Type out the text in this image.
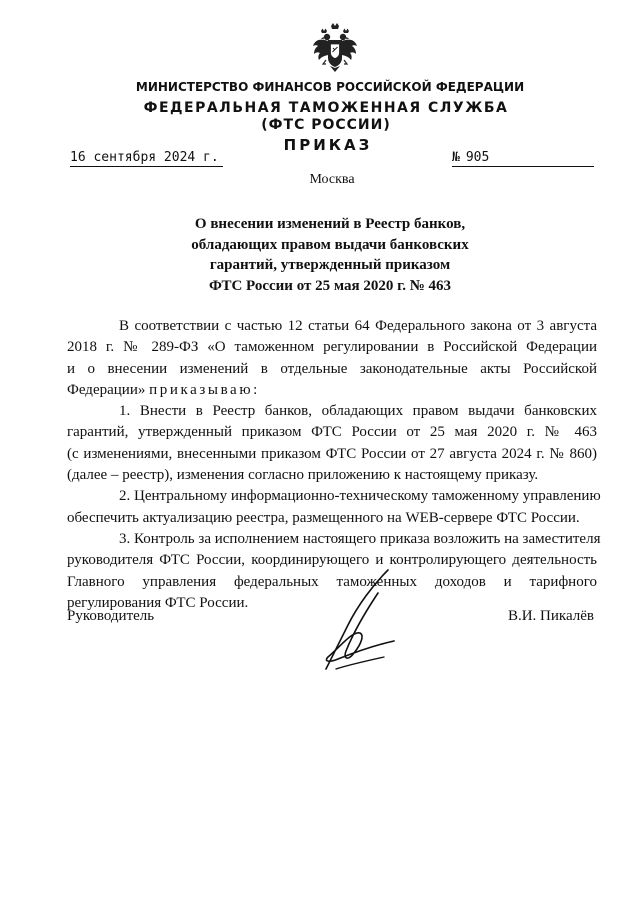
МИНИСТЕРСТВО ФИНАНСОВ РОССИЙСКОЙ ФЕДЕРАЦИИ
ФЕДЕРАЛЬНАЯ ТАМОЖЕННАЯ СЛУЖБА
(ФТС РОССИИ)
ПРИКАЗ
16 сентября 2024 г.	№ 905
Москва
О внесении изменений в Реестр банков,
обладающих правом выдачи банковских
гарантий, утвержденный приказом
ФТС России от 25 мая 2020 г. № 463
В соответствии с частью 12 статьи 64 Федерального закона от 3 августа
2018 г. № 289-ФЗ «О таможенном регулировании в Российской Федерации
и о внесении изменений в отдельные законодательные акты Российской
Федерации» приказываю:
1. Внести в Реестр банков, обладающих правом выдачи банковских
гарантий, утвержденный приказом ФТС России от 25 мая 2020 г. № 463
(с изменениями, внесенными приказом ФТС России от 27 августа 2024 г. № 860)
(далее – реестр), изменения согласно приложению к настоящему приказу.
2. Центральному информационно-техническому таможенному управлению
обеспечить актуализацию реестра, размещенного на WEB-сервере ФТС России.
3. Контроль за исполнением настоящего приказа возложить на заместителя
руководителя ФТС России, координирующего и контролирующего деятельность
Главного управления федеральных таможенных доходов и тарифного
регулирования ФТС России.
Руководитель	В.И. Пикалёв
